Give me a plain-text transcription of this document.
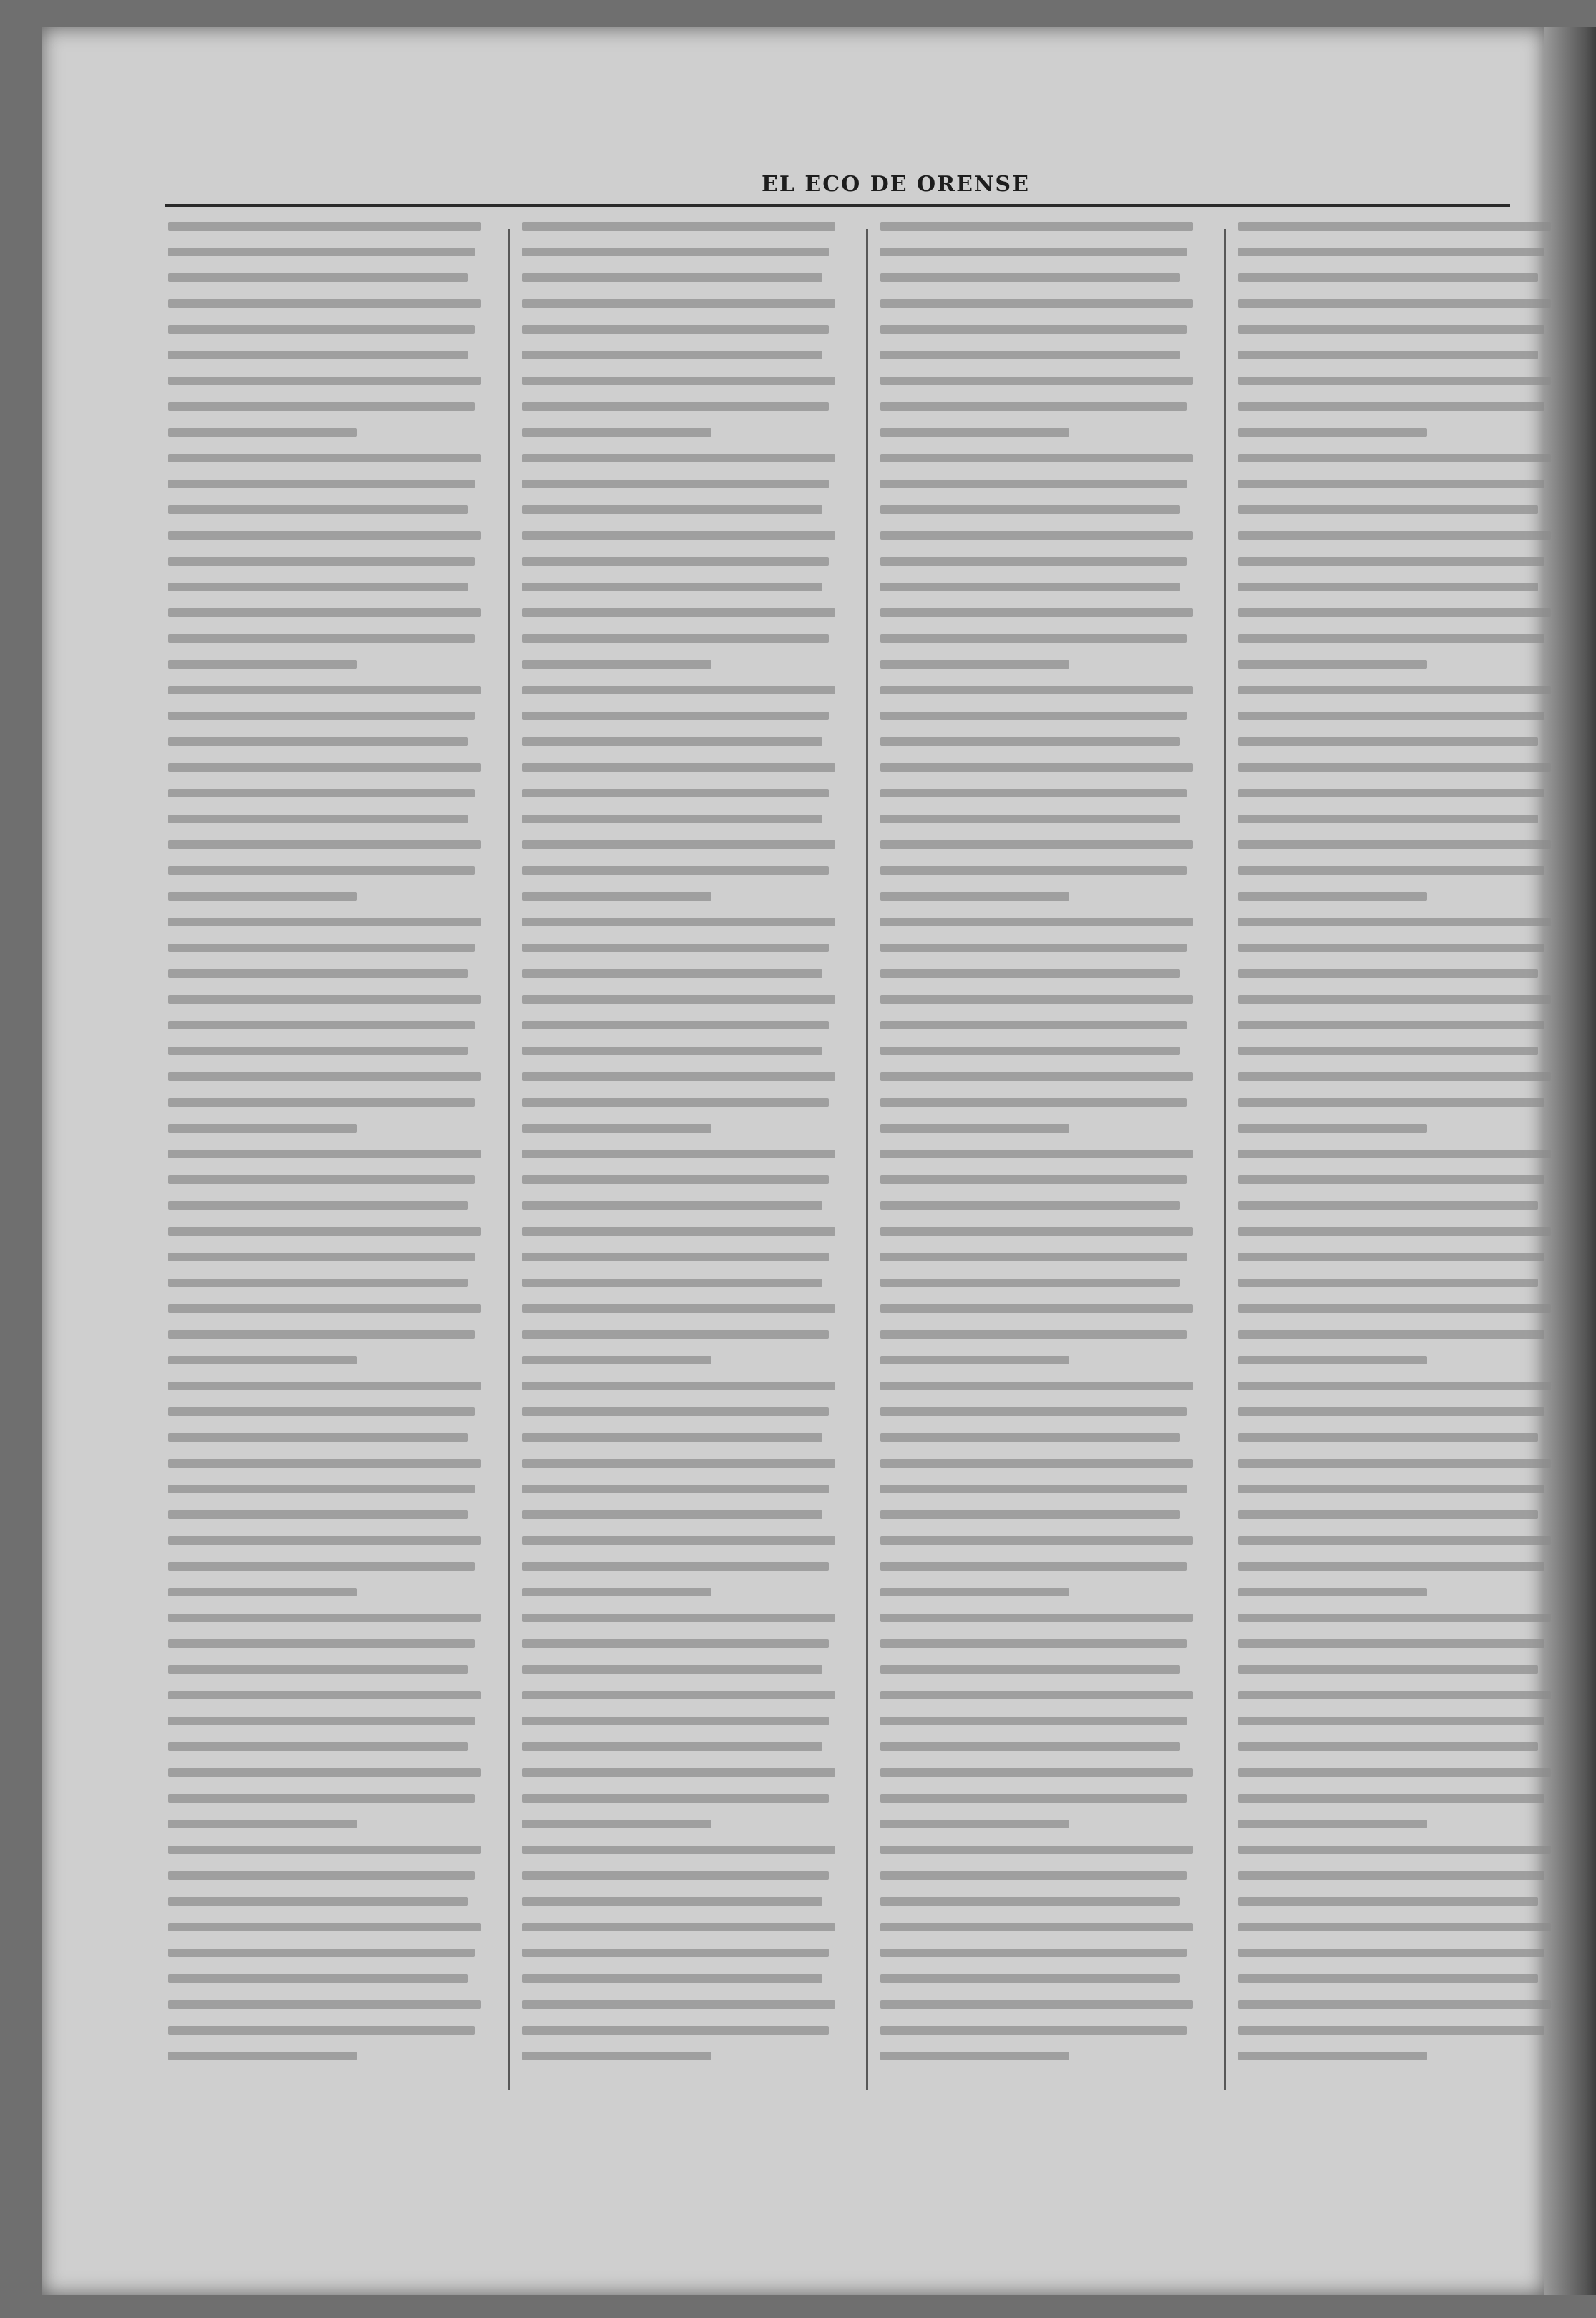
EL ECO DE ORENSE
